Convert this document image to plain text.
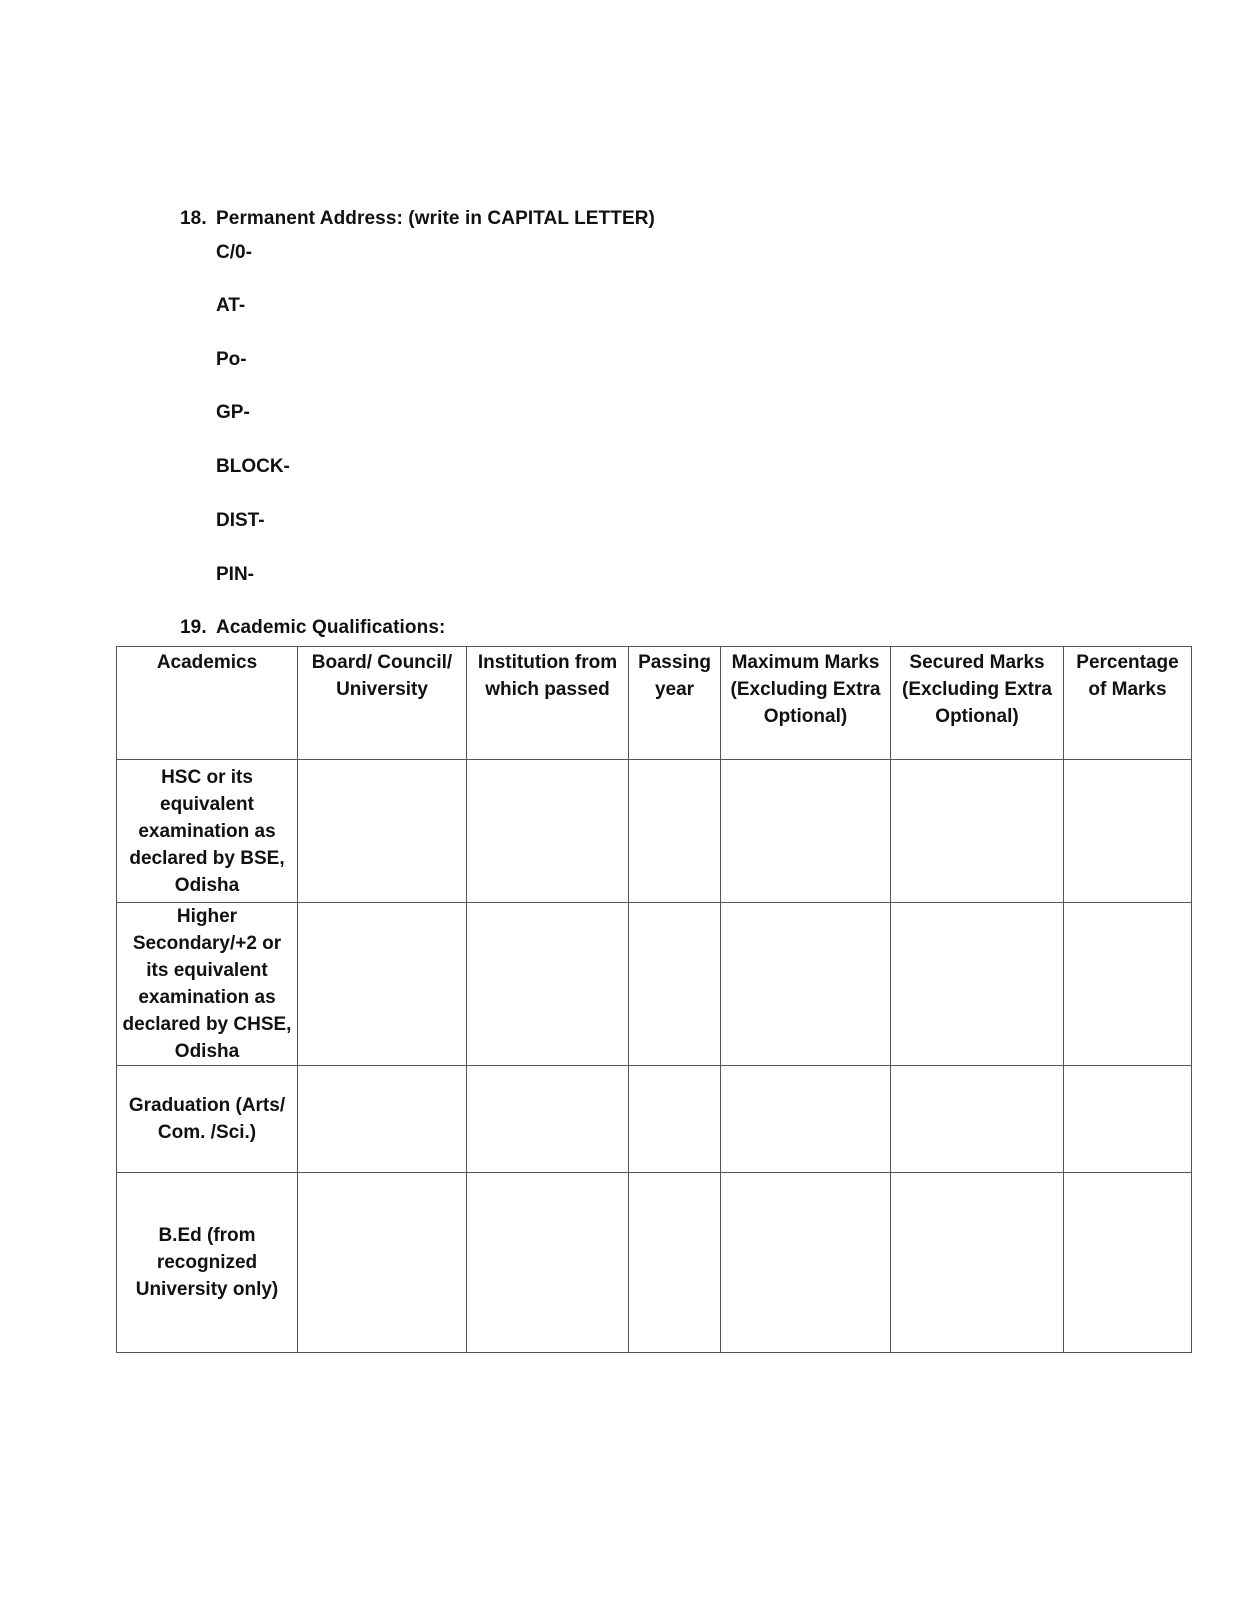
18. Permanent Address: (write in CAPITAL LETTER)
C/0-
AT-
Po-
GP-
BLOCK-
DIST-
PIN-
19. Academic Qualifications:
Academics	Board/ Council/ University	Institution from which passed	Passing year	Maximum Marks (Excluding Extra Optional)	Secured Marks (Excluding Extra Optional)	Percentage of Marks
HSC or its equivalent examination as declared by BSE, Odisha						
Higher Secondary/+2 or its equivalent examination as declared by CHSE, Odisha						
Graduation (Arts/ Com. /Sci.)						
B.Ed (from recognized University only)						
